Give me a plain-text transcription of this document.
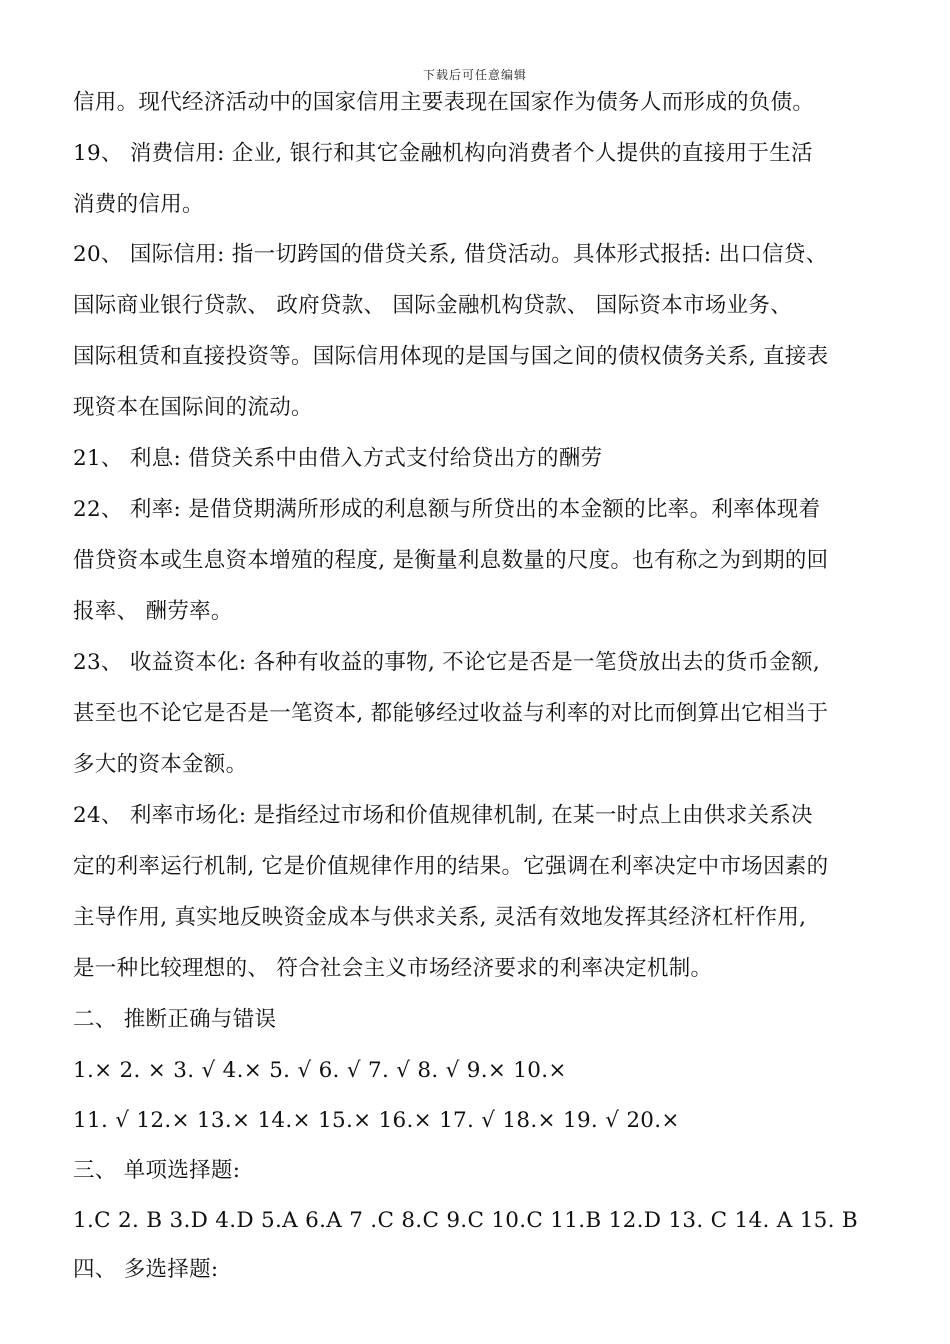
下载后可任意编辑
信用。现代经济活动中的国家信用主要表现在国家作为债务人而形成的负债。
19、 消费信用: 企业, 银行和其它金融机构向消费者个人提供的直接用于生活
消费的信用。
20、 国际信用: 指一切跨国的借贷关系, 借贷活动。具体形式报括: 出口信贷、
国际商业银行贷款、 政府贷款、 国际金融机构贷款、 国际资本市场业务、
国际租赁和直接投资等。国际信用体现的是国与国之间的债权债务关系, 直接表
现资本在国际间的流动。
21、 利息: 借贷关系中由借入方式支付给贷出方的酬劳
22、 利率: 是借贷期满所形成的利息额与所贷出的本金额的比率。利率体现着
借贷资本或生息资本增殖的程度, 是衡量利息数量的尺度。也有称之为到期的回
报率、 酬劳率。
23、 收益资本化: 各种有收益的事物, 不论它是否是一笔贷放出去的货币金额,
甚至也不论它是否是一笔资本, 都能够经过收益与利率的对比而倒算出它相当于
多大的资本金额。
24、 利率市场化: 是指经过市场和价值规律机制, 在某一时点上由供求关系决
定的利率运行机制, 它是价值规律作用的结果。它强调在利率决定中市场因素的
主导作用, 真实地反映资金成本与供求关系, 灵活有效地发挥其经济杠杆作用,
是一种比较理想的、 符合社会主义市场经济要求的利率决定机制。
二、 推断正确与错误
1.× 2. × 3. √ 4.× 5. √ 6. √ 7. √ 8. √ 9.× 10.×
11. √ 12.× 13.× 14.× 15.× 16.× 17. √ 18.× 19. √ 20.×
三、 单项选择题:
1.C 2. B 3.D 4.D 5.A 6.A 7 .C 8.C 9.C 10.C 11.B 12.D 13. C 14. A 15. B
四、 多选择题:
